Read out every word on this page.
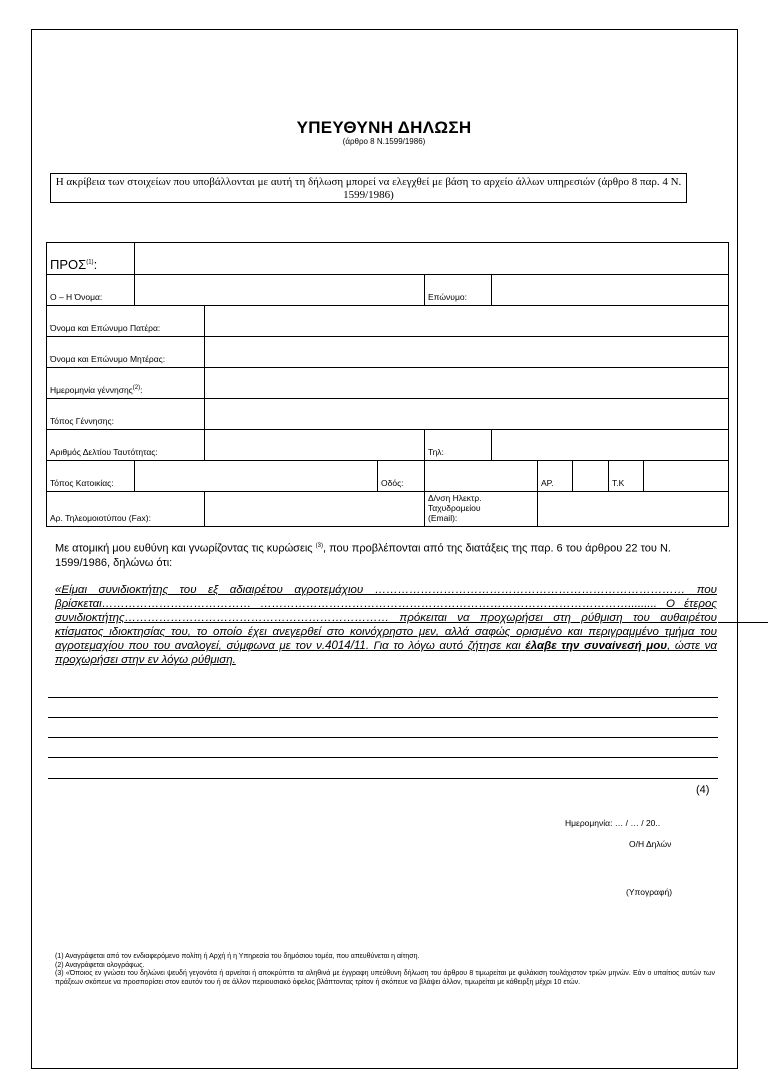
ΥΠΕΥΘΥΝΗ ΔΗΛΩΣΗ
(άρθρο 8 Ν.1599/1986)
Η ακρίβεια των στοιχείων που υποβάλλονται με αυτή τη δήλωση μπορεί να ελεγχθεί με βάση το αρχείο άλλων υπηρεσιών (άρθρο 8 παρ. 4 Ν. 1599/1986)
ΠΡΟΣ$^{(1)}$:									
Ο – Η Όνομα:				Επώνυμο:					
Όνομα και Επώνυμο Πατέρα:									
Όνομα και Επώνυμο Μητέρας:									
Ημερομηνία γέννησης$^{(2)}$:									
Τόπος Γέννησης:									
Αριθμός Δελτίου Ταυτότητας:				Τηλ:					
Τόπος Κατοικίας:			Οδός:			ΑΡ.		Τ.Κ	
Αρ. Τηλεομοιοτύπου (Fax):				Δ/νση Ηλεκτρ.
Ταχυδρομείου
(Email):					
Με ατομική μου ευθύνη και γνωρίζοντας τις κυρώσεις $^{(3)}$, που προβλέπονται από της διατάξεις της παρ. 6 του άρθρου 22 του Ν. 1599/1986, δηλώνω ότι:
«Είμαι συνιδιοκτήτης του εξ αδιαιρέτου αγροτεμάχιου ……………………………………………………………………… που βρίσκεται………………………………… ……………………………………………………………………………………......... Ο έτερος συνιδιοκτήτης…………………………………………………………… πρόκειται να προχωρήσει στη ρύθμιση του αυθαιρέτου κτίσματος ιδιοκτησίας του, το οποίο έχει ανεγερθεί στο κοινόχρηστο μεν, αλλά σαφώς ορισμένο και περιγραμμένο τμήμα του αγροτεμαχίου που του αναλογεί, σύμφωνα με τον ν.4014/11. Για το λόγω αυτό ζήτησε και έλαβε την συναίνεσή μου, ώστε να προχωρήσει στην εν λόγω ρύθμιση.
(4)
Ημερομηνία: … / … / 20..
Ο/Η Δηλών
(Υπογραφή)
(1) Αναγράφεται από τον ενδιαφερόμενο πολίτη ή Αρχή ή η Υπηρεσία του δημόσιου τομέα, που απευθύνεται η αίτηση.
(2) Αναγράφεται ολογράφως.
(3) «Όποιος εν γνώσει του δηλώνει ψευδή γεγονότα ή αρνείται ή αποκρύπτει τα αληθινά με έγγραφη υπεύθυνη δήλωση του άρθρου 8 τιμωρείται με φυλάκιση τουλάχιστον τριών μηνών. Εάν ο υπαίτιος αυτών των πράξεων σκόπευε να προσπορίσει στον εαυτόν του ή σε άλλον περιουσιακό όφελος βλάπτοντας τρίτον ή σκόπευε να βλάψει άλλον, τιμωρείται με κάθειρξη μέχρι 10 ετών.
